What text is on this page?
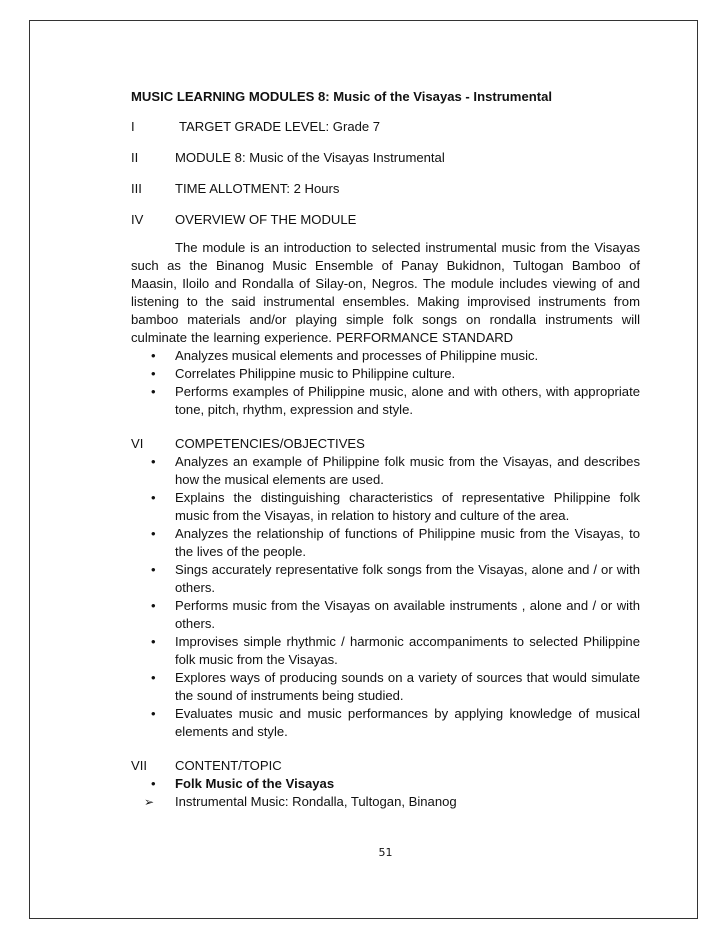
MUSIC LEARNING MODULES 8: Music of the Visayas - Instrumental

I	TARGET GRADE LEVEL: Grade 7
II	MODULE 8: Music of the Visayas Instrumental
III	TIME ALLOTMENT: 2 Hours
IV	OVERVIEW OF THE MODULE
The module is an introduction to selected instrumental music from the Visayas such as the Binanog Music Ensemble of Panay Bukidnon, Tultogan Bamboo of Maasin, Iloilo and Rondalla of Silay-on, Negros. The module includes viewing of and listening to the said instrumental ensembles. Making improvised instruments from bamboo materials and/or playing simple folk songs on rondalla instruments will culminate the learning experience. PERFORMANCE STANDARD
•	Analyzes musical elements and processes of Philippine music.
•	Correlates Philippine music to Philippine culture.
•	Performs examples of Philippine music, alone and with others, with appropriate tone, pitch, rhythm, expression and style.
VI	COMPETENCIES/OBJECTIVES
•	Analyzes an example of Philippine folk music from the Visayas, and describes how the musical elements are used.
•	Explains the distinguishing characteristics of representative Philippine folk music from the Visayas, in relation to history and culture of the area.
•	Analyzes the relationship of functions of Philippine music from the Visayas, to the lives of the people.
•	Sings accurately representative folk songs from the Visayas, alone and / or with others.
•	Performs music from the Visayas on available instruments , alone and / or with others.
•	Improvises simple rhythmic / harmonic accompaniments to selected Philippine folk music from the Visayas.
•	Explores ways of producing sounds on a variety of sources that would simulate the sound of instruments being studied.
•	Evaluates music and music performances by applying knowledge of musical elements and style.
VII	CONTENT/TOPIC
•	Folk Music of the Visayas
➢	Instrumental Music: Rondalla, Tultogan, Binanog
51
